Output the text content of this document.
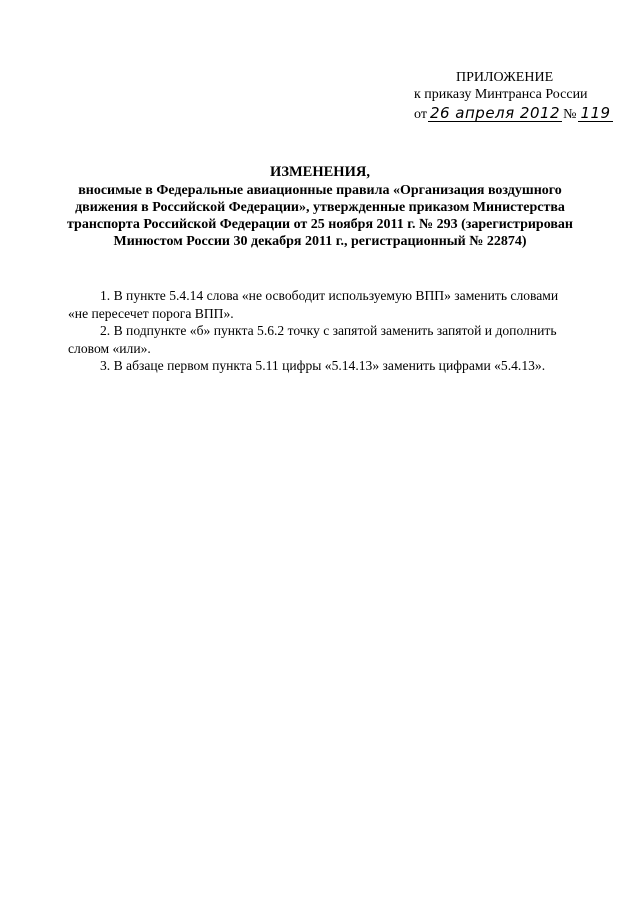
ПРИЛОЖЕНИЕ
к приказу Минтранса России
от 26 апреля 2012 № 119
ИЗМЕНЕНИЯ,
вносимые в Федеральные авиационные правила «Организация воздушного
движения в Российской Федерации», утвержденные приказом Министерства
транспорта Российской Федерации от 25 ноября 2011 г. № 293 (зарегистрирован
Минюстом России 30 декабря 2011 г., регистрационный № 22874)
1. В пункте 5.4.14 слова «не освободит используемую ВПП» заменить словами
«не пересечет порога ВПП».
2. В подпункте «б» пункта 5.6.2 точку с запятой заменить запятой и дополнить
словом «или».
3. В абзаце первом пункта 5.11 цифры «5.14.13» заменить цифрами «5.4.13».
